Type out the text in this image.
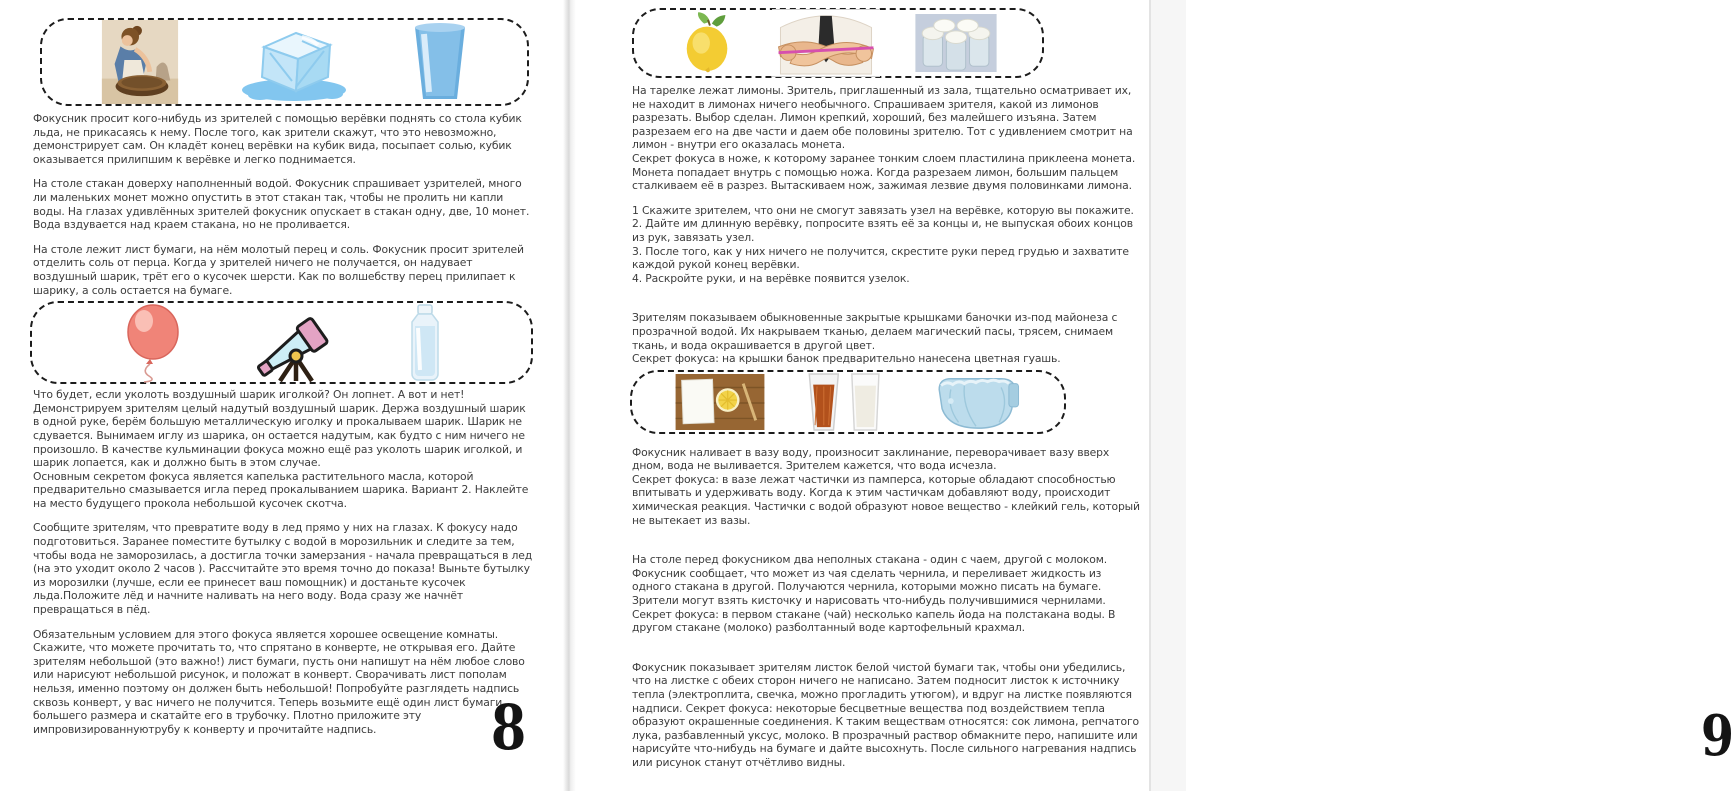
Фокусник просит кого-нибудь из зрителей с помощью верёвки поднять со стола кубик льда, не прикасаясь к нему. После того, как зрители скажут, что это невозможно, демонстрирует сам. Он кладёт конец верёвки на кубик вида, посыпает солью, кубик оказывается прилипшим к верёвке и легко поднимается.
На столе стакан доверху наполненный водой. Фокусник спрашивает узрителей, много ли маленьких монет можно опустить в этот стакан так, чтобы не пролить ни капли воды. На глазах удивлённых зрителей фокусник опускает в стакан одну, две, 10 монет. Вода вздувается над краем стакана, но не проливается.
На столе лежит лист бумаги, на нём молотый перец и соль. Фокусник просит зрителей отделить соль от перца. Когда у зрителей ничего не получается, он надувает воздушный шарик, трёт его о кусочек шерсти. Как по волшебству перец прилипает к шарику, а соль остается на бумаге.
Что будет, если уколоть воздушный шарик иголкой? Он лопнет. А вот и нет! Демонстрируем зрителям целый надутый воздушный шарик. Держа воздушный шарик в одной руке, берём большую металлическую иголку и прокалываем шарик. Шарик не сдувается. Вынимаем иглу из шарика, он остается надутым, как будто с ним ничего не произошло. В качестве кульминации фокуса можно ещё раз уколоть шарик иголкой, и шарик лопается, как и должно быть в этом случае.
Основным секретом фокуса является капелька растительного масла, которой предварительно смазывается игла перед прокалыванием шарика. Вариант 2. Наклейте на место будущего прокола небольшой кусочек скотча.
Сообщите зрителям, что превратите воду в лед прямо у них на глазах. К фокусу надо подготовиться. Заранее поместите бутылку с водой в морозильник и следите за тем, чтобы вода не заморозилась, а достигла точки замерзания - начала превращаться в лед (на это уходит около 2 часов ). Рассчитайте это время точно до показа! Выньте бутылку из морозилки (лучше, если ее принесет ваш помощник) и достаньте кусочек льда.Положите лёд и начните наливать на него воду. Вода сразу же начнёт превращаться в пёд.
Обязательным условием для этого фокуса является хорошее освещение комнаты. Скажите, что можете прочитать то, что спрятано в конверте, не открывая его. Дайте зрителям небольшой (это важно!) лист бумаги, пусть они напишут на нём любое слово или нарисуют небольшой рисунок, и положат в конверт. Сворачивать лист пополам нельзя, именно поэтому он должен быть небольшой! Попробуйте разглядеть надпись сквозь конверт, у вас ничего не получится. Теперь возьмите ещё один лист бумаги большего размера и скатайте его в трубочку. Плотно приложите эту импровизированнуютрубу к конверту и прочитайте надпись.	8
На тарелке лежат лимоны. Зритель, приглашенный из зала, тщательно осматривает их, не находит в лимонах ничего необычного. Спрашиваем зрителя, какой из лимонов разрезать. Выбор сделан. Лимон крепкий, хороший, без малейшего изъяна. Затем разрезаем его на две части и даем обе половины зрителю. Тот с удивлением смотрит на лимон - внутри его оказалась монета.
Секрет фокуса в ноже, к которому заранее тонким слоем пластилина приклеена монета. Монета попадает внутрь с помощью ножа. Когда разрезаем лимон, большим пальцем сталкиваем её в разрез. Вытаскиваем нож, зажимая лезвие двумя половинками лимона.
1 Скажите зрителем, что они не смогут завязать узел на верёвке, которую вы покажите.
2. Дайте им длинную верёвку, попросите взять её за концы и, не выпуская обоих концов из рук, завязать узел.
3. После того, как у них ничего не получится, скрестите руки перед грудью и захватите каждой рукой конец верёвки.
4. Раскройте руки, и на верёвке появится узелок.
Зрителям показываем обыкновенные закрытые крышками баночки из-под майонеза с прозрачной водой. Их накрываем тканью, делаем магический пасы, трясем, снимаем ткань, и вода окрашивается в другой цвет.
Секрет фокуса: на крышки банок предварительно нанесена цветная гуашь.
Фокусник наливает в вазу воду, произносит заклинание, переворачивает вазу вверх дном, вода не выливается. Зрителем кажется, что вода исчезла.
Секрет фокуса: в вазе лежат частички из памперса, которые обладают способностью впитывать и удерживать воду. Когда к этим частичкам добавляют воду, происходит химическая реакция. Частички с водой образуют новое вещество - клейкий гель, который не вытекает из вазы.
На столе перед фокусником два неполных стакана - один с чаем, другой с молоком. Фокусник сообщает, что может из чая сделать чернила, и переливает жидкость из одного стакана в другой. Получаются чернила, которыми можно писать на бумаге. Зрители могут взять кисточку и нарисовать что-нибудь получившимися чернилами. Секрет фокуса: в первом стакане (чай) несколько капель йода на полстакана воды. В другом стакане (молоко) разболтанный воде картофельный крахмал.
Фокусник показывает зрителям листок белой чистой бумаги так, чтобы они убедились, что на листке с обеих сторон ничего не написано. Затем подносит листок к источнику тепла (электроплита, свечка, можно прогладить утюгом), и вдруг на листке появляются надписи. Секрет фокуса: некоторые бесцветные вещества под воздействием тепла образуют окрашенные соединения. К таким веществам относятся: сок лимона, репчатого лука, разбавленный уксус, молоко. В прозрачный раствор обмакните перо, напишите или нарисуйте что-нибудь на бумаге и дайте высохнуть. После сильного нагревания надпись или рисунок станут отчётливо видны.	9
